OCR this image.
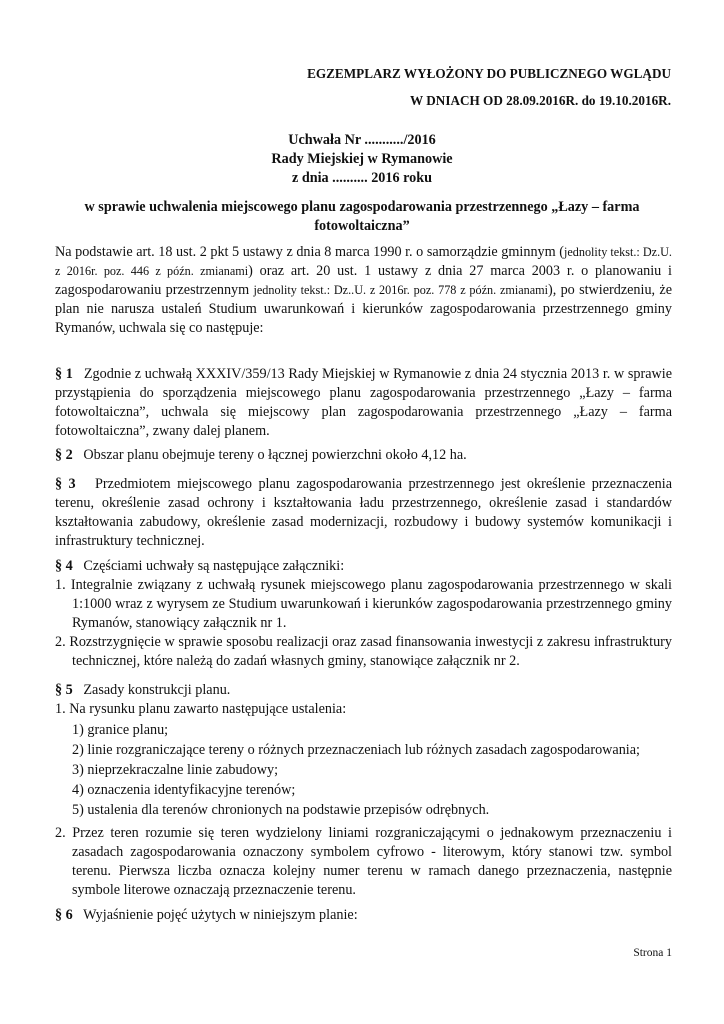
EGZEMPLARZ WYŁOŻONY DO PUBLICZNEGO WGLĄDU
W DNIACH OD 28.09.2016R. do 19.10.2016R.
Uchwała Nr .........../2016
Rady Miejskiej w Rymanowie
z dnia .......... 2016 roku
w sprawie uchwalenia miejscowego planu zagospodarowania przestrzennego „Łazy – farma fotowoltaiczna”
Na podstawie art. 18 ust. 2 pkt 5 ustawy z dnia 8 marca 1990 r. o samorządzie gminnym (jednolity tekst.: Dz.U. z 2016r. poz. 446 z późn. zmianami) oraz art. 20 ust. 1 ustawy z dnia 27 marca 2003 r. o planowaniu i zagospodarowaniu przestrzennym jednolity tekst.: Dz..U. z 2016r. poz. 778 z późn. zmianami), po stwierdzeniu, że plan nie narusza ustaleń Studium uwarunkowań i kierunków zagospodarowania przestrzennego gminy Rymanów, uchwala się co następuje:
§ 1 Zgodnie z uchwałą XXXIV/359/13 Rady Miejskiej w Rymanowie z dnia 24 stycznia 2013 r. w sprawie przystąpienia do sporządzenia miejscowego planu zagospodarowania przestrzennego „Łazy – farma fotowoltaiczna”, uchwala się miejscowy plan zagospodarowania przestrzennego „Łazy – farma fotowoltaiczna”, zwany dalej planem.
§ 2 Obszar planu obejmuje tereny o łącznej powierzchni około 4,12 ha.
§ 3 Przedmiotem miejscowego planu zagospodarowania przestrzennego jest określenie przeznaczenia terenu, określenie zasad ochrony i kształtowania ładu przestrzennego, określenie zasad i standardów kształtowania zabudowy, określenie zasad modernizacji, rozbudowy i budowy systemów komunikacji i infrastruktury technicznej.
§ 4 Częściami uchwały są następujące załączniki:
1. Integralnie związany z uchwałą rysunek miejscowego planu zagospodarowania przestrzennego w skali 1:1000 wraz z wyrysem ze Studium uwarunkowań i kierunków zagospodarowania przestrzennego gminy Rymanów, stanowiący załącznik nr 1.
2. Rozstrzygnięcie w sprawie sposobu realizacji oraz zasad finansowania inwestycji z zakresu infrastruktury technicznej, które należą do zadań własnych gminy, stanowiące załącznik nr 2.
§ 5 Zasady konstrukcji planu.
1. Na rysunku planu zawarto następujące ustalenia:
1) granice planu;
2) linie rozgraniczające tereny o różnych przeznaczeniach lub różnych zasadach zagospodarowania;
3) nieprzekraczalne linie zabudowy;
4) oznaczenia identyfikacyjne terenów;
5) ustalenia dla terenów chronionych na podstawie przepisów odrębnych.
2. Przez teren rozumie się teren wydzielony liniami rozgraniczającymi o jednakowym przeznaczeniu i zasadach zagospodarowania oznaczony symbolem cyfrowo - literowym, który stanowi tzw. symbol terenu. Pierwsza liczba oznacza kolejny numer terenu w ramach danego przeznaczenia, następnie symbole literowe oznaczają przeznaczenie terenu.
§ 6 Wyjaśnienie pojęć użytych w niniejszym planie:
Strona 1
